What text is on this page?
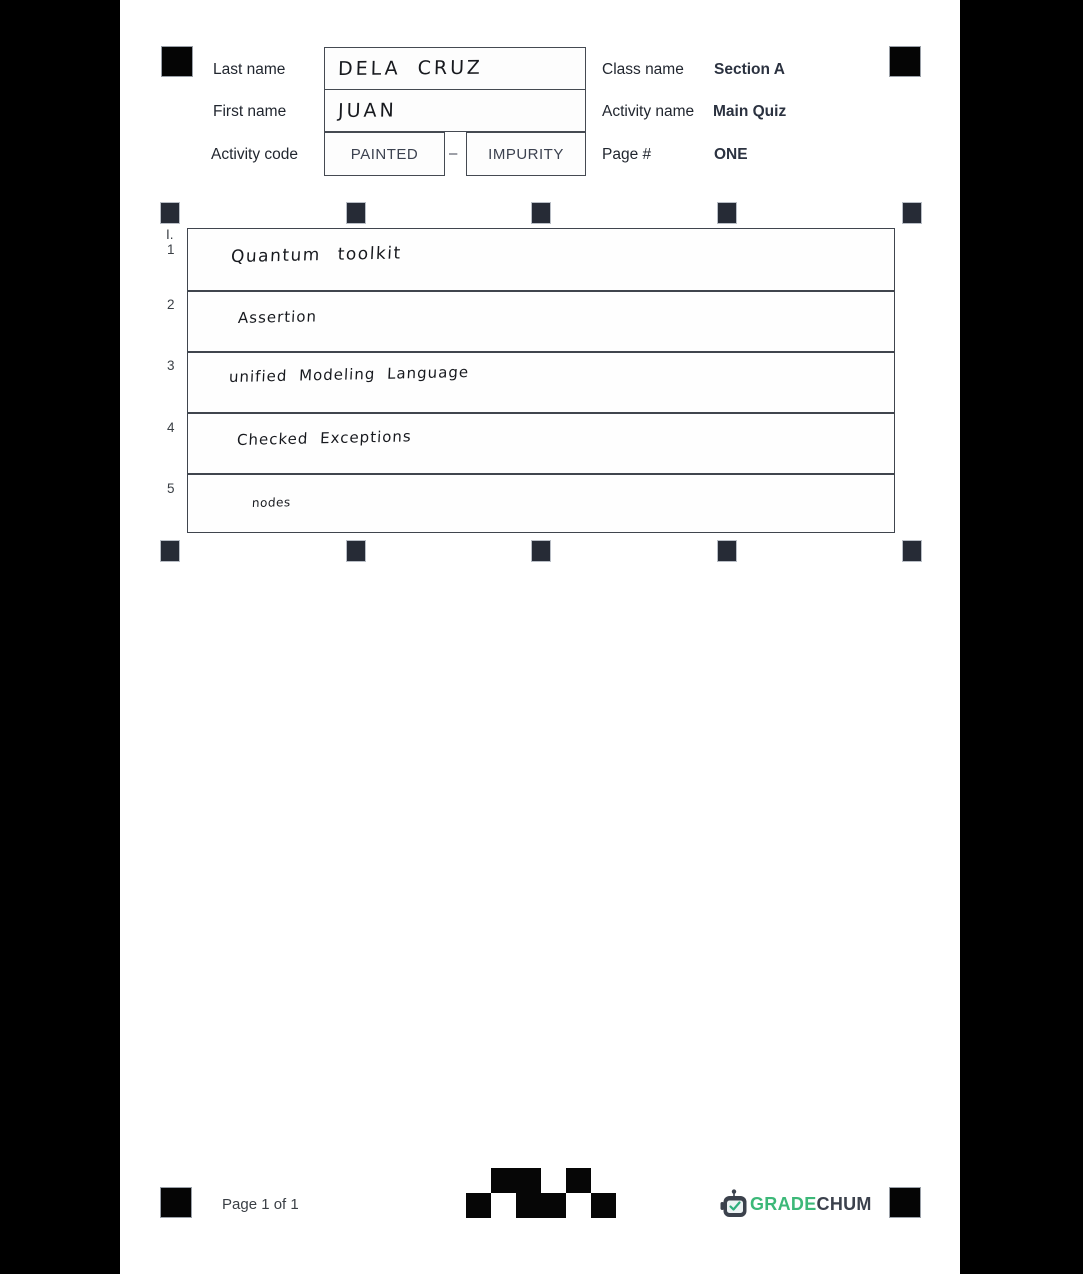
Last name
First name
Activity code
DELA CRUZ
JUAN
PAINTED – IMPURITY
Class name Section A
Activity name Main Quiz
Page #	ONE
I.
1
2
3
4
5
Quantum toolkit
Assertion
unified Modeling Language
Checked Exceptions
nodes
Page 1 of 1	GRADECHUM
